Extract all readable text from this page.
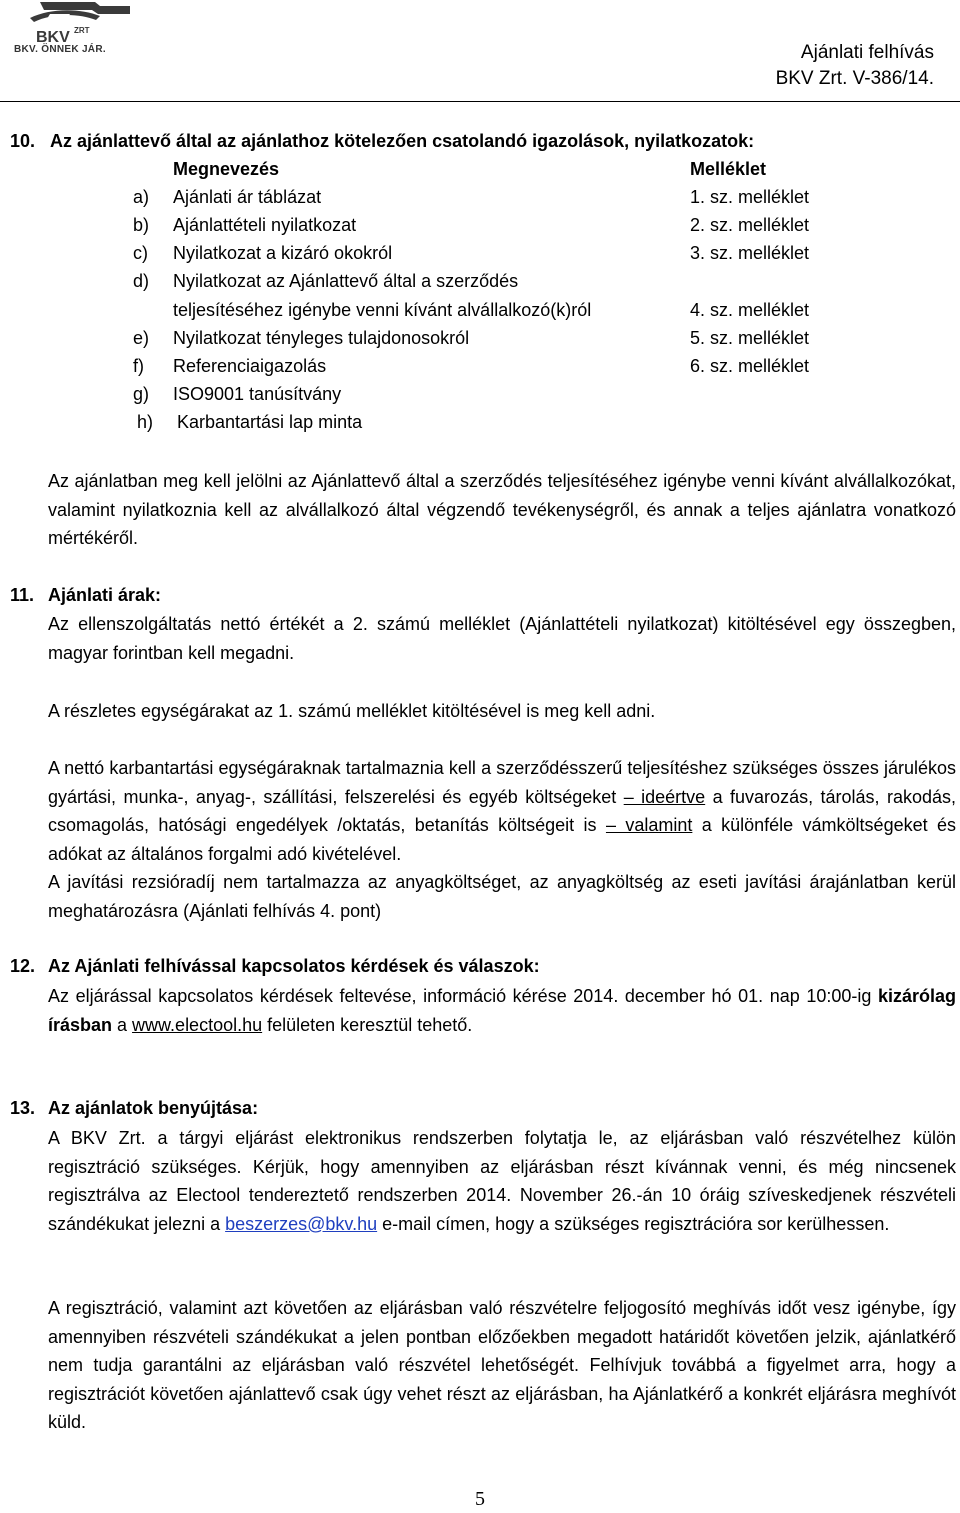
BKV ZRT
BKV. ÖNNEK JÁR.	Ajánlati felhívás
BKV Zrt. V-386/14.
10. Az ajánlattevő által az ajánlathoz kötelezően csatolandó igazolások, nyilatkozatok:
Megnevezés	Melléklet
a) Ajánlati ár táblázat	1. sz. melléklet
b) Ajánlattételi nyilatkozat	2. sz. melléklet
c) Nyilatkozat a kizáró okokról	3. sz. melléklet
d) Nyilatkozat az Ajánlattevő által a szerződés
teljesítéséhez igénybe venni kívánt alvállalkozó(k)ról	4. sz. melléklet
e) Nyilatkozat tényleges tulajdonosokról	5. sz. melléklet
f) Referenciaigazolás	6. sz. melléklet
g) ISO9001 tanúsítvány
h) Karbantartási lap minta
Az ajánlatban meg kell jelölni az Ajánlattevő által a szerződés teljesítéséhez igénybe venni kívánt alvállalkozókat, valamint nyilatkoznia kell az alvállalkozó által végzendő tevékenységről, és annak a teljes ajánlatra vonatkozó mértékéről.
11. Ajánlati árak:
Az ellenszolgáltatás nettó értékét a 2. számú melléklet (Ajánlattételi nyilatkozat) kitöltésével egy összegben, magyar forintban kell megadni.
A részletes egységárakat az 1. számú melléklet kitöltésével is meg kell adni.
A nettó karbantartási egységáraknak tartalmaznia kell a szerződésszerű teljesítéshez szükséges összes járulékos gyártási, munka-, anyag-, szállítási, felszerelési és egyéb költségeket – ideértve a fuvarozás, tárolás, rakodás, csomagolás, hatósági engedélyek /oktatás, betanítás költségeit is – valamint a különféle vámköltségeket és adókat az általános forgalmi adó kivételével.
A javítási rezsióradíj nem tartalmazza az anyagköltséget, az anyagköltség az eseti javítási árajánlatban kerül meghatározásra (Ajánlati felhívás 4. pont)
12. Az Ajánlati felhívással kapcsolatos kérdések és válaszok:
Az eljárással kapcsolatos kérdések feltevése, információ kérése 2014. december hó 01. nap 10:00-ig kizárólag írásban a www.electool.hu felületen keresztül tehető.
13. Az ajánlatok benyújtása:
A BKV Zrt. a tárgyi eljárást elektronikus rendszerben folytatja le, az eljárásban való részvételhez külön regisztráció szükséges. Kérjük, hogy amennyiben az eljárásban részt kívánnak venni, és még nincsenek regisztrálva az Electool tendereztető rendszerben 2014. November 26.-án 10 óráig szíveskedjenek részvételi szándékukat jelezni a beszerzes@bkv.hu e-mail címen, hogy a szükséges regisztrációra sor kerülhessen.
A regisztráció, valamint azt követően az eljárásban való részvételre feljogosító meghívás időt vesz igénybe, így amennyiben részvételi szándékukat a jelen pontban előzőekben megadott határidőt követően jelzik, ajánlatkérő nem tudja garantálni az eljárásban való részvétel lehetőségét. Felhívjuk továbbá a figyelmet arra, hogy a regisztrációt követően ajánlattevő csak úgy vehet részt az eljárásban, ha Ajánlatkérő a konkrét eljárásra meghívót küld.
5
